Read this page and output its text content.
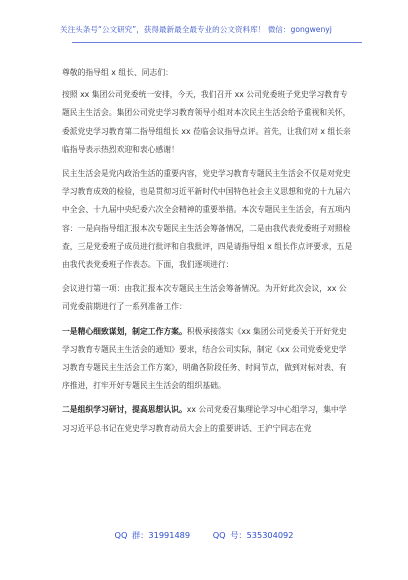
关注头条号“公文研究”，获得最新最全最专业的公文资料库！ 微信：gongwenyj

尊敬的指导组 x 组长、同志们：

按照 xx 集团公司党委统一安排，今天，我们召开 xx 公司党委班子党史学习教育专题民主生活会。集团公司党史学习教育领导小组对本次民主生活会给予重视和关怀，委派党史学习教育第二指导组组长 xx 莅临会议指导点评。首先，让我们对 x 组长亲临指导表示热烈欢迎和衷心感谢！

民主生活会是党内政治生活的重要内容，党史学习教育专题民主生活会不仅是对党史学习教育成效的检验，也是贯彻习近平新时代中国特色社会主义思想和党的十九届六中全会、十九届中央纪委六次全会精神的重要举措。本次专题民主生活会，有五项内容：一是向指导组汇报本次专题民主生活会筹备情况，二是由我代表党委班子对照检查，三是党委班子成员进行批评和自我批评，四是请指导组 x 组长作点评要求，五是由我代表党委班子作表态。下面，我们逐项进行：

会议进行第一项：由我汇报本次专题民主生活会筹备情况。为开好此次会议，xx 公司党委前期进行了一系列准备工作：

一是精心细致谋划，制定工作方案。积极承接落实《xx 集团公司党委关于开好党史学习教育专题民主生活会的通知》要求，结合公司实际，制定《xx 公司党委党史学习教育专题民主生活会工作方案》，明确各阶段任务、时间节点，做到对标对表、有序推进，打牢开好专题民主生活会的组织基础。

二是组织学习研讨，提高思想认识。xx 公司党委召集理论学习中心组学习，集中学习习近平总书记在党史学习教育动员大会上的重要讲话、王沪宁同志在党

QQ 群：31991489	QQ 号：535304092
